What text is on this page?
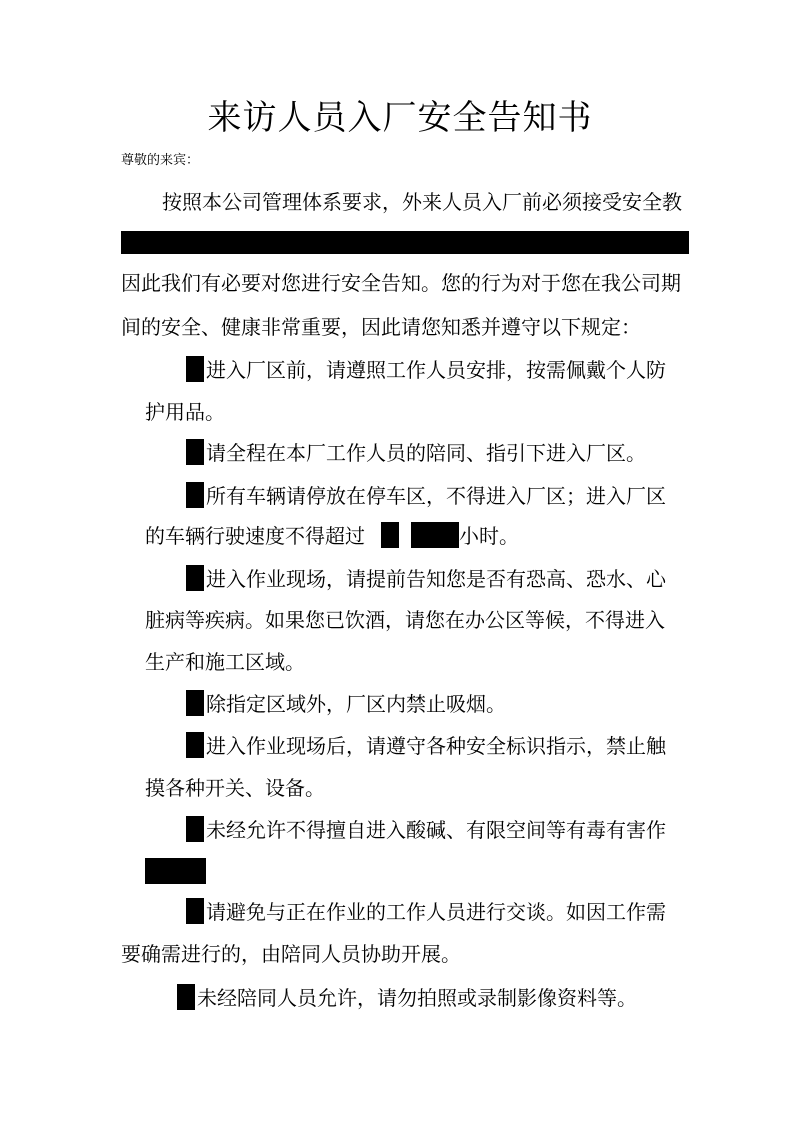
来访人员入厂安全告知书
尊敬的来宾：
按照本公司管理体系要求，外来人员入厂前必须接受安全教
因此我们有必要对您进行安全告知。您的行为对于您在我公司期
间的安全、健康非常重要，因此请您知悉并遵守以下规定：
进入厂区前，请遵照工作人员安排，按需佩戴个人防
护用品。
请全程在本厂工作人员的陪同、指引下进入厂区。
所有车辆请停放在停车区，不得进入厂区；进入厂区
的车辆行驶速度不得超过	小时。
进入作业现场，请提前告知您是否有恐高、恐水、心
脏病等疾病。如果您已饮酒，请您在办公区等候，不得进入
生产和施工区域。
除指定区域外，厂区内禁止吸烟。
进入作业现场后，请遵守各种安全标识指示，禁止触
摸各种开关、设备。
未经允许不得擅自进入酸碱、有限空间等有毒有害作
请避免与正在作业的工作人员进行交谈。如因工作需
要确需进行的，由陪同人员协助开展。
未经陪同人员允许，请勿拍照或录制影像资料等。
